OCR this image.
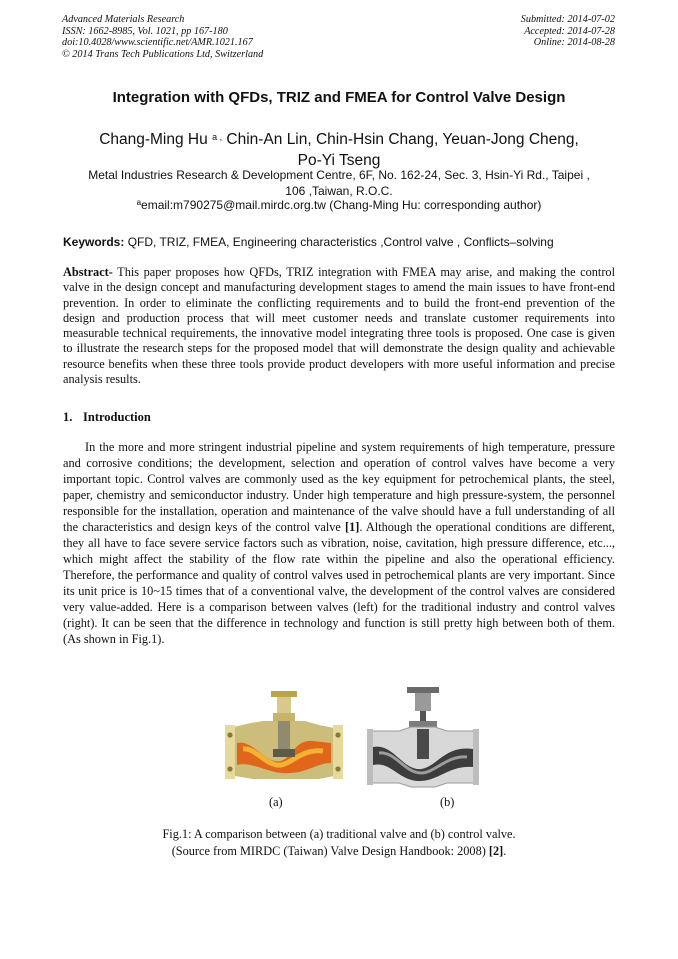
Advanced Materials Research
ISSN: 1662-8985, Vol. 1021, pp 167-180
doi:10.4028/www.scientific.net/AMR.1021.167
© 2014 Trans Tech Publications Ltd, Switzerland
Submitted: 2014-07-02
Accepted: 2014-07-28
Online: 2014-08-28
Integration with QFDs, TRIZ and FMEA for Control Valve Design
Chang-Ming Hu $^{a ,}$ Chin-An Lin, Chin-Hsin Chang, Yeuan-Jong Cheng,
Po-Yi Tseng
Metal Industries Research & Development Centre, 6F, No. 162-24, Sec. 3, Hsin-Yi Rd., Taipei ,
106 ,Taiwan, R.O.C.
$^a$email:m790275@mail.mirdc.org.tw (Chang-Ming Hu: corresponding author)
Keywords: QFD, TRIZ, FMEA, Engineering characteristics ,Control valve , Conflicts–solving
Abstract- This paper proposes how QFDs, TRIZ integration with FMEA may arise, and making the control valve in the design concept and manufacturing development stages to amend the main issues to have front-end prevention. In order to eliminate the conflicting requirements and to build the front-end prevention of the design and production process that will meet customer needs and translate customer requirements into measurable technical requirements, the innovative model integrating three tools is proposed. One case is given to illustrate the research steps for the proposed model that will demonstrate the design quality and achievable resource benefits when these three tools provide product developers with more useful information and precise analysis results.
1. Introduction
In the more and more stringent industrial pipeline and system requirements of high temperature, pressure and corrosive conditions; the development, selection and operation of control valves have become a very important topic. Control valves are commonly used as the key equipment for petrochemical plants, the steel, paper, chemistry and semiconductor industry. Under high temperature and high pressure-system, the personnel responsible for the installation, operation and maintenance of the valve should have a full understanding of all the characteristics and design keys of the control valve [1]. Although the operational conditions are different, they all have to face severe service factors such as vibration, noise, cavitation, high pressure difference, etc..., which might affect the stability of the flow rate within the pipeline and also the operational efficiency. Therefore, the performance and quality of control valves used in petrochemical plants are very important. Since its unit price is 10~15 times that of a conventional valve, the development of the control valves are considered very value-added. Here is a comparison between valves (left) for the traditional industry and control valves (right). It can be seen that the difference in technology and function is still pretty high between both of them. (As shown in Fig.1).
(a)	(b)
Fig.1: A comparison between (a) traditional valve and (b) control valve.
(Source from MIRDC (Taiwan) Valve Design Handbook: 2008) [2].
